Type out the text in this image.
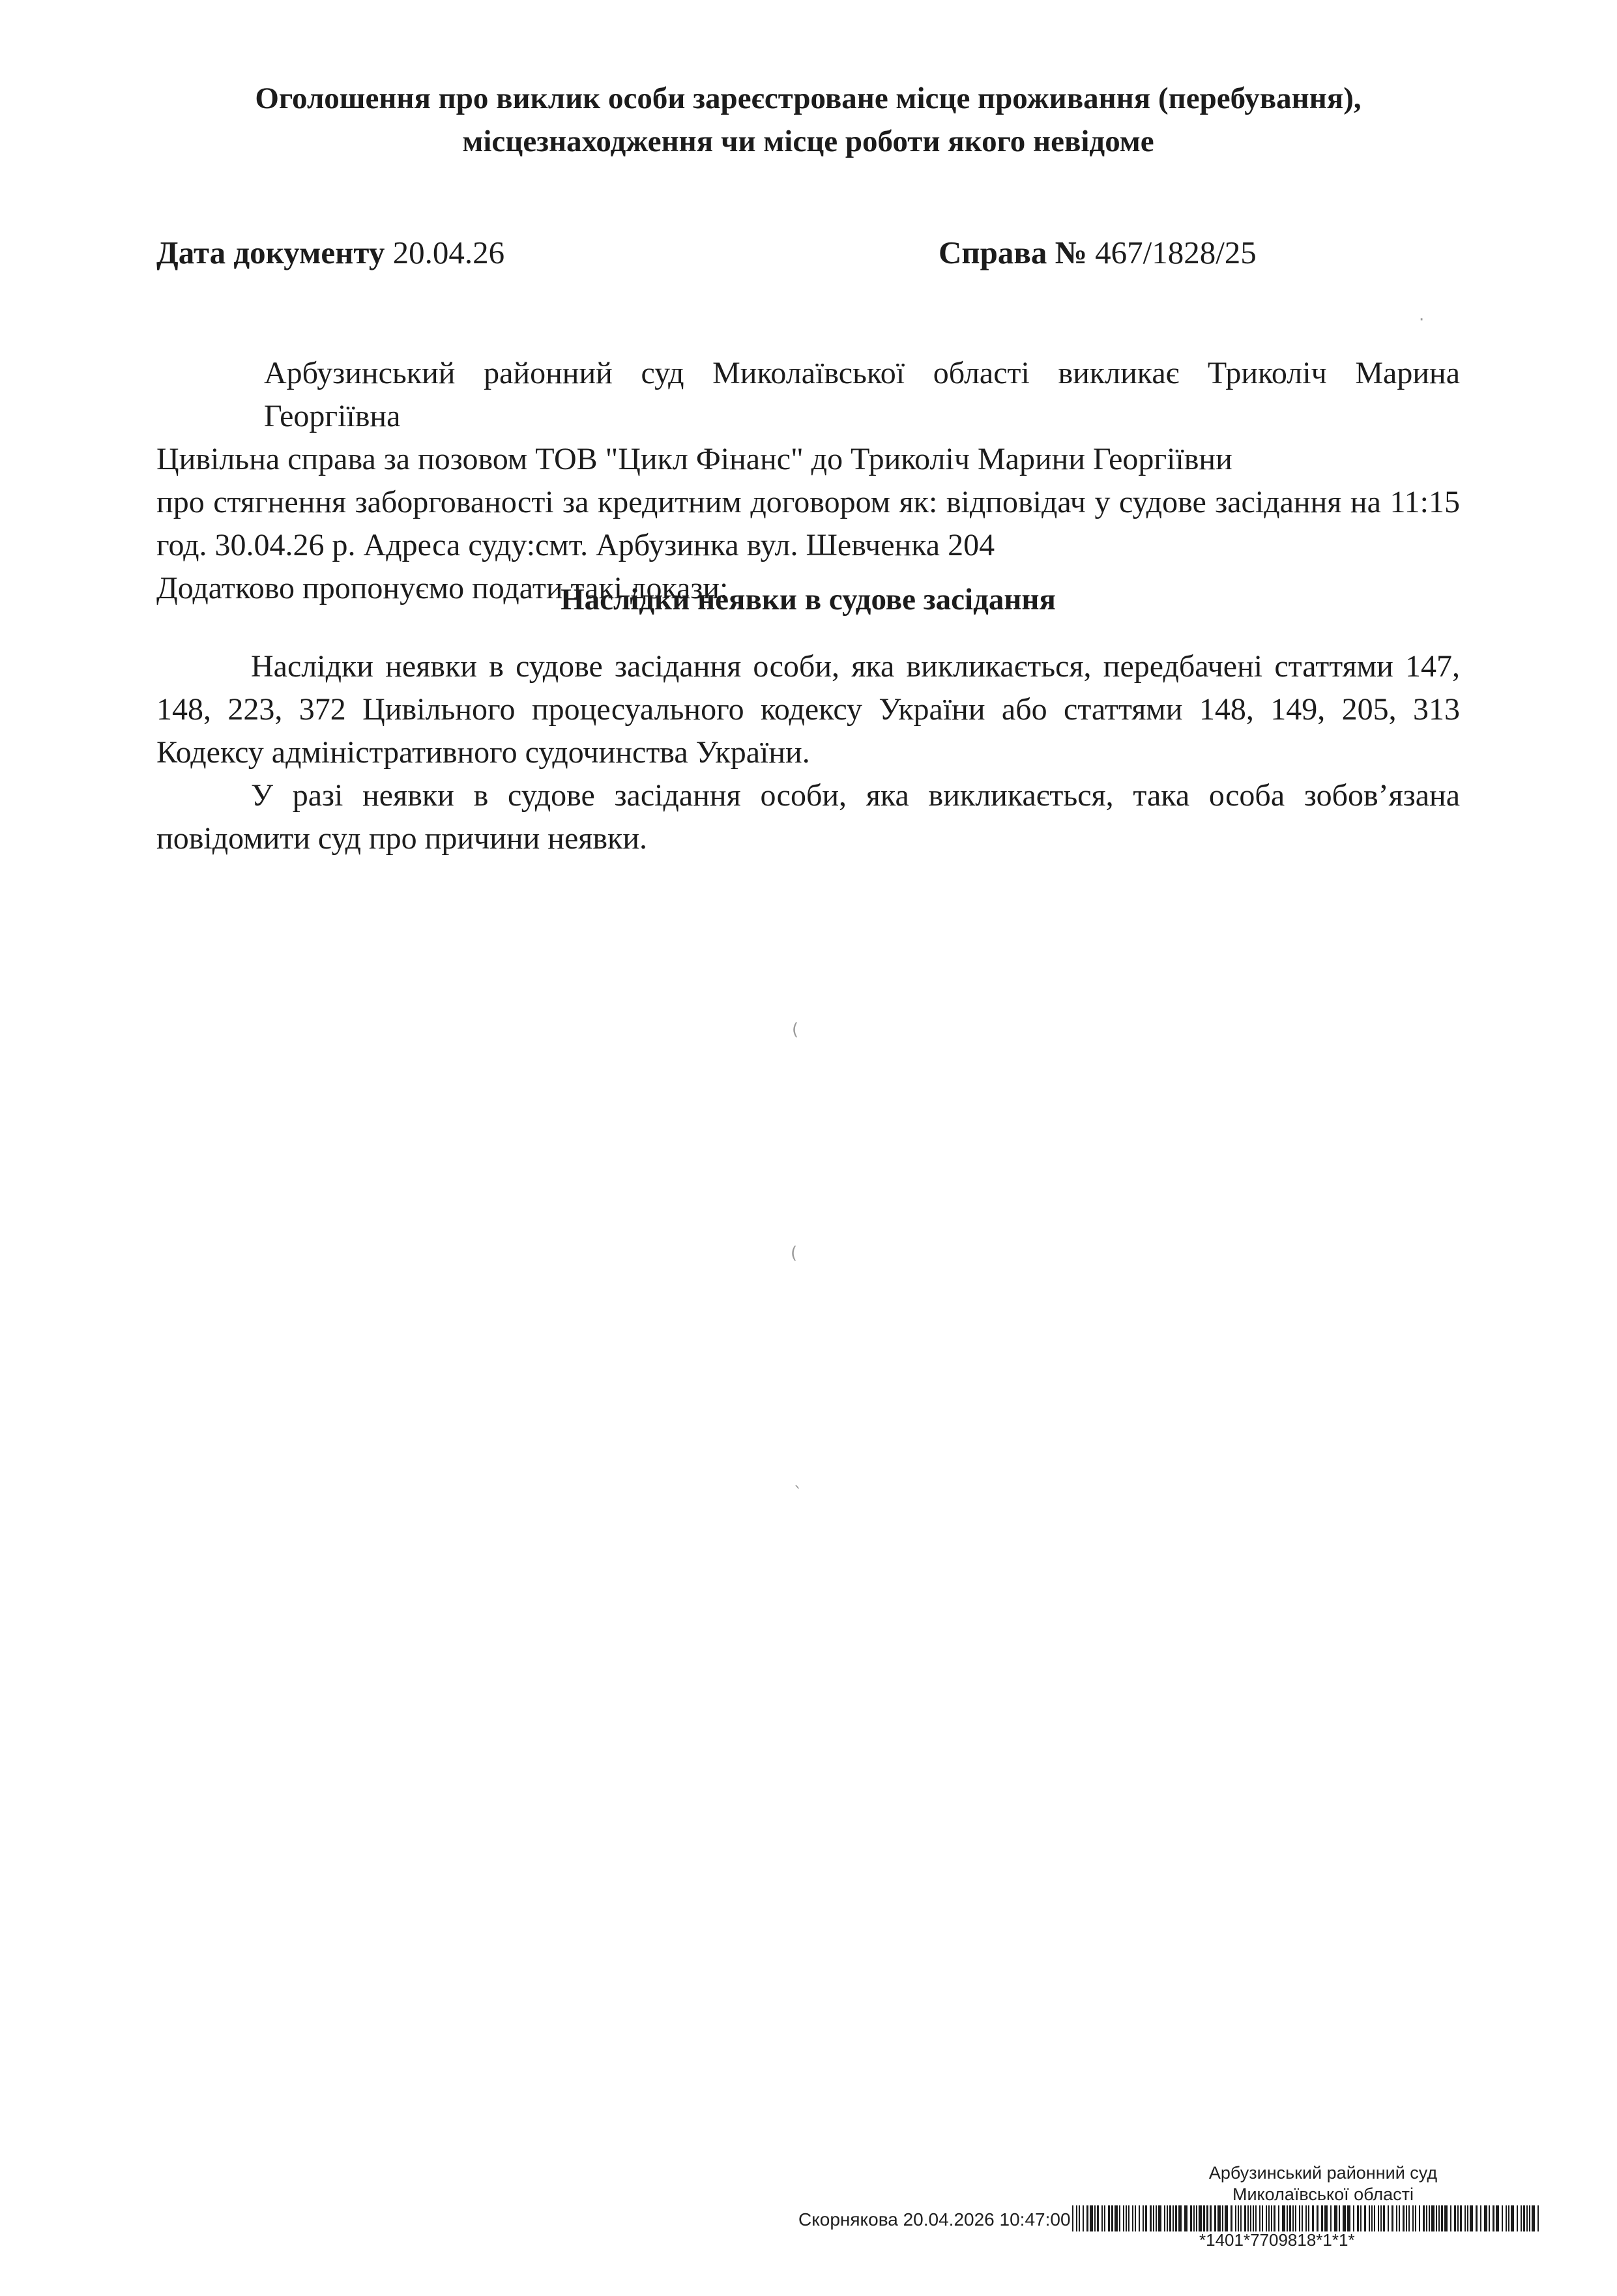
Оголошення про виклик особи зареєстроване місце проживання (перебування),
місцезнаходження чи місце роботи якого невідоме
Дата документу 20.04.26	Справа № 467/1828/25
·
Арбузинський районний суд Миколаївської області викликає Триколіч Марина Георгіївна
Цивільна справа за позовом ТОВ "Цикл Фінанс" до Триколіч Марини Георгіївни
про стягнення заборгованості за кредитним договором як: відповідач у судове засідання на 11:15
год. 30.04.26 р. Адреса суду:смт. Арбузинка вул. Шевченка 204
Додатково пропонуємо подати такі докази:
Наслідки неявки в судове засідання
Наслідки неявки в судове засідання особи, яка викликається, передбачені статтями 147,
148, 223, 372 Цивільного процесуального кодексу України або статтями 148, 149, 205, 313
Кодексу адміністративного судочинства України.
У разі неявки в судове засідання особи, яка викликається, така особа зобов’язана
повідомити суд про причини неявки.
(
(
ˎ
Арбузинський районний суд
Миколаївської області
Скорнякова 20.04.2026 10:47:00
*1401*7709818*1*1*
